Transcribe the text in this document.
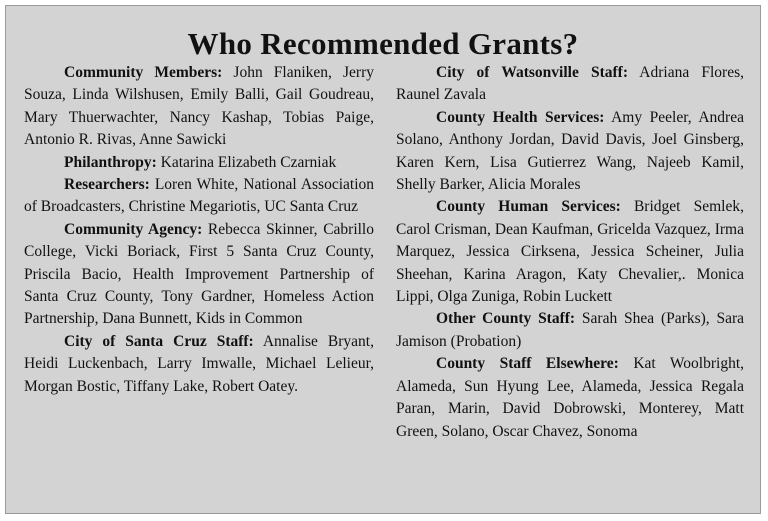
Who Recommended Grants?

Community Members: John Flaniken, Jerry Souza, Linda Wilshusen, Emily Balli, Gail Goudreau, Mary Thuerwachter, Nancy Kashap, Tobias Paige, Antonio R. Rivas, Anne Sawicki

Philanthropy: Katarina Elizabeth Czarniak

Researchers: Loren White, National Association of Broadcasters, Christine Megariotis, UC Santa Cruz

Community Agency: Rebecca Skinner, Cabrillo College, Vicki Boriack, First 5 Santa Cruz County, Priscila Bacio, Health Improvement Partnership of Santa Cruz County, Tony Gardner, Homeless Action Partnership, Dana Bunnett, Kids in Common

City of Santa Cruz Staff: Annalise Bryant, Heidi Luckenbach, Larry Imwalle, Michael Lelieur, Morgan Bostic, Tiffany Lake, Robert Oatey.

City of Watsonville Staff: Adriana Flores, Raunel Zavala

County Health Services: Amy Peeler, Andrea Solano, Anthony Jordan, David Davis, Joel Ginsberg, Karen Kern, Lisa Gutierrez Wang, Najeeb Kamil, Shelly Barker, Alicia Morales

County Human Services: Bridget Semlek, Carol Crisman, Dean Kaufman, Gricelda Vazquez, Irma Marquez, Jessica Cirksena, Jessica Scheiner, Julia Sheehan, Karina Aragon, Katy Chevalier,. Monica Lippi, Olga Zuniga, Robin Luckett

Other County Staff: Sarah Shea (Parks), Sara Jamison (Probation)

County Staff Elsewhere: Kat Woolbright, Alameda, Sun Hyung Lee, Alameda, Jessica Regala Paran, Marin, David Dobrowski, Monterey, Matt Green, Solano, Oscar Chavez, Sonoma
